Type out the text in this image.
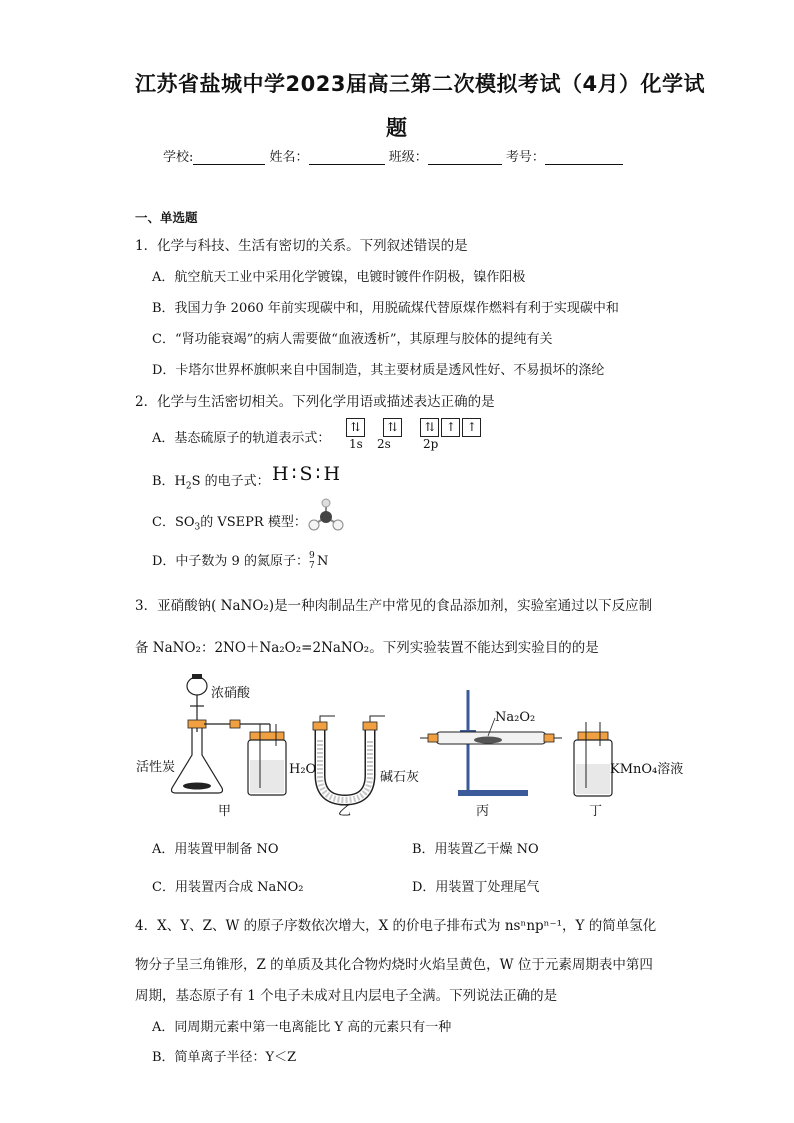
江苏省盐城中学2023届高三第二次模拟考试（4月）化学试
题
学校:	姓名：	班级：	考号：
一、单选题
1．化学与科技、生活有密切的关系。下列叙述错误的是
A．航空航天工业中采用化学镀镍，电镀时镀件作阴极，镍作阳极
B．我国力争 2060 年前实现碳中和，用脱硫煤代替原煤作燃料有利于实现碳中和
C．“肾功能衰竭”的病人需要做“血液透析”，其原理与胶体的提纯有关
D．卡塔尔世界杯旗帜来自中国制造，其主要材质是透风性好、不易损坏的涤纶
2．化学与生活密切相关。下列化学用语或描述表达正确的是
A．基态硫原子的轨道表示式：
⇅ ⇅ ⇅ ↑ ↑
1s 2s	2p
B．$H_2S$ 的电子式： H∶S∶H
C．$SO_3$的 VSEPR 模型：
D．中子数为 9 的氮原子： 9
7 N
3．亚硝酸钠( NaNO₂)是一种肉制品生产中常见的食品添加剂，实验室通过以下反应制
备 NaNO₂：2NO＋Na₂O₂=2NaNO₂。下列实验装置不能达到实验目的的是
浓硝酸
活性炭	H₂O
碱石灰
Na₂O₂
KMnO₄溶液
甲	乙	丙	丁
A．用装置甲制备 NO	B．用装置乙干燥 NO
C．用装置丙合成 NaNO₂	D．用装置丁处理尾气
4．X、Y、Z、W 的原子序数依次增大，X 的价电子排布式为 nsⁿnpⁿ⁻¹，Y 的简单氢化
物分子呈三角锥形，Z 的单质及其化合物灼烧时火焰呈黄色，W 位于元素周期表中第四
周期，基态原子有 1 个电子未成对且内层电子全满。下列说法正确的是
A．同周期元素中第一电离能比 Y 高的元素只有一种
B．简单离子半径：Y＜Z
